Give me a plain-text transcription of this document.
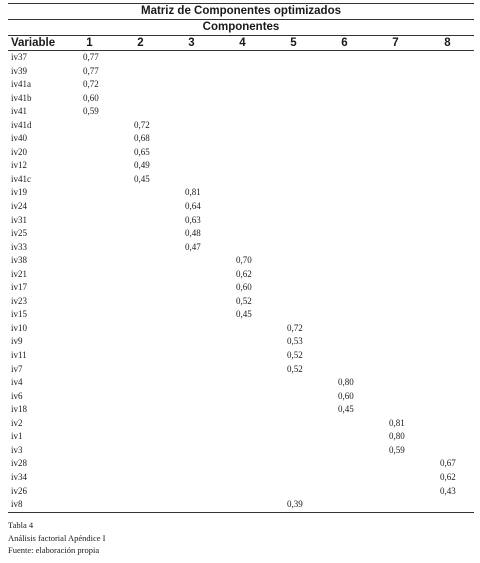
Matriz de Componentes optimizados
Componentes
Variable	1	2	3	4	5	6	7	8
iv37	0,77							
iv39	0,77							
iv41a	0,72							
iv41b	0,60							
iv41	0,59							
iv41d		0,72						
iv40		0,68						
iv20		0,65						
iv12		0,49						
iv41c		0,45						
iv19			0,81					
iv24			0,64					
iv31			0,63					
iv25			0,48					
iv33			0,47					
iv38				0,70				
iv21				0,62				
iv17				0,60				
iv23				0,52				
iv15				0,45				
iv10					0,72			
iv9					0,53			
iv11					0,52			
iv7					0,52			
iv4						0,80		
iv6						0,60		
iv18						0,45		
iv2							0,81	
iv1							0,80	
iv3							0,59	
iv28								0,67
iv34								0,62
iv26								0,43
iv8					0,39			
Tabla 4
Análisis factorial Apéndice I
Fuente: elaboración propia
